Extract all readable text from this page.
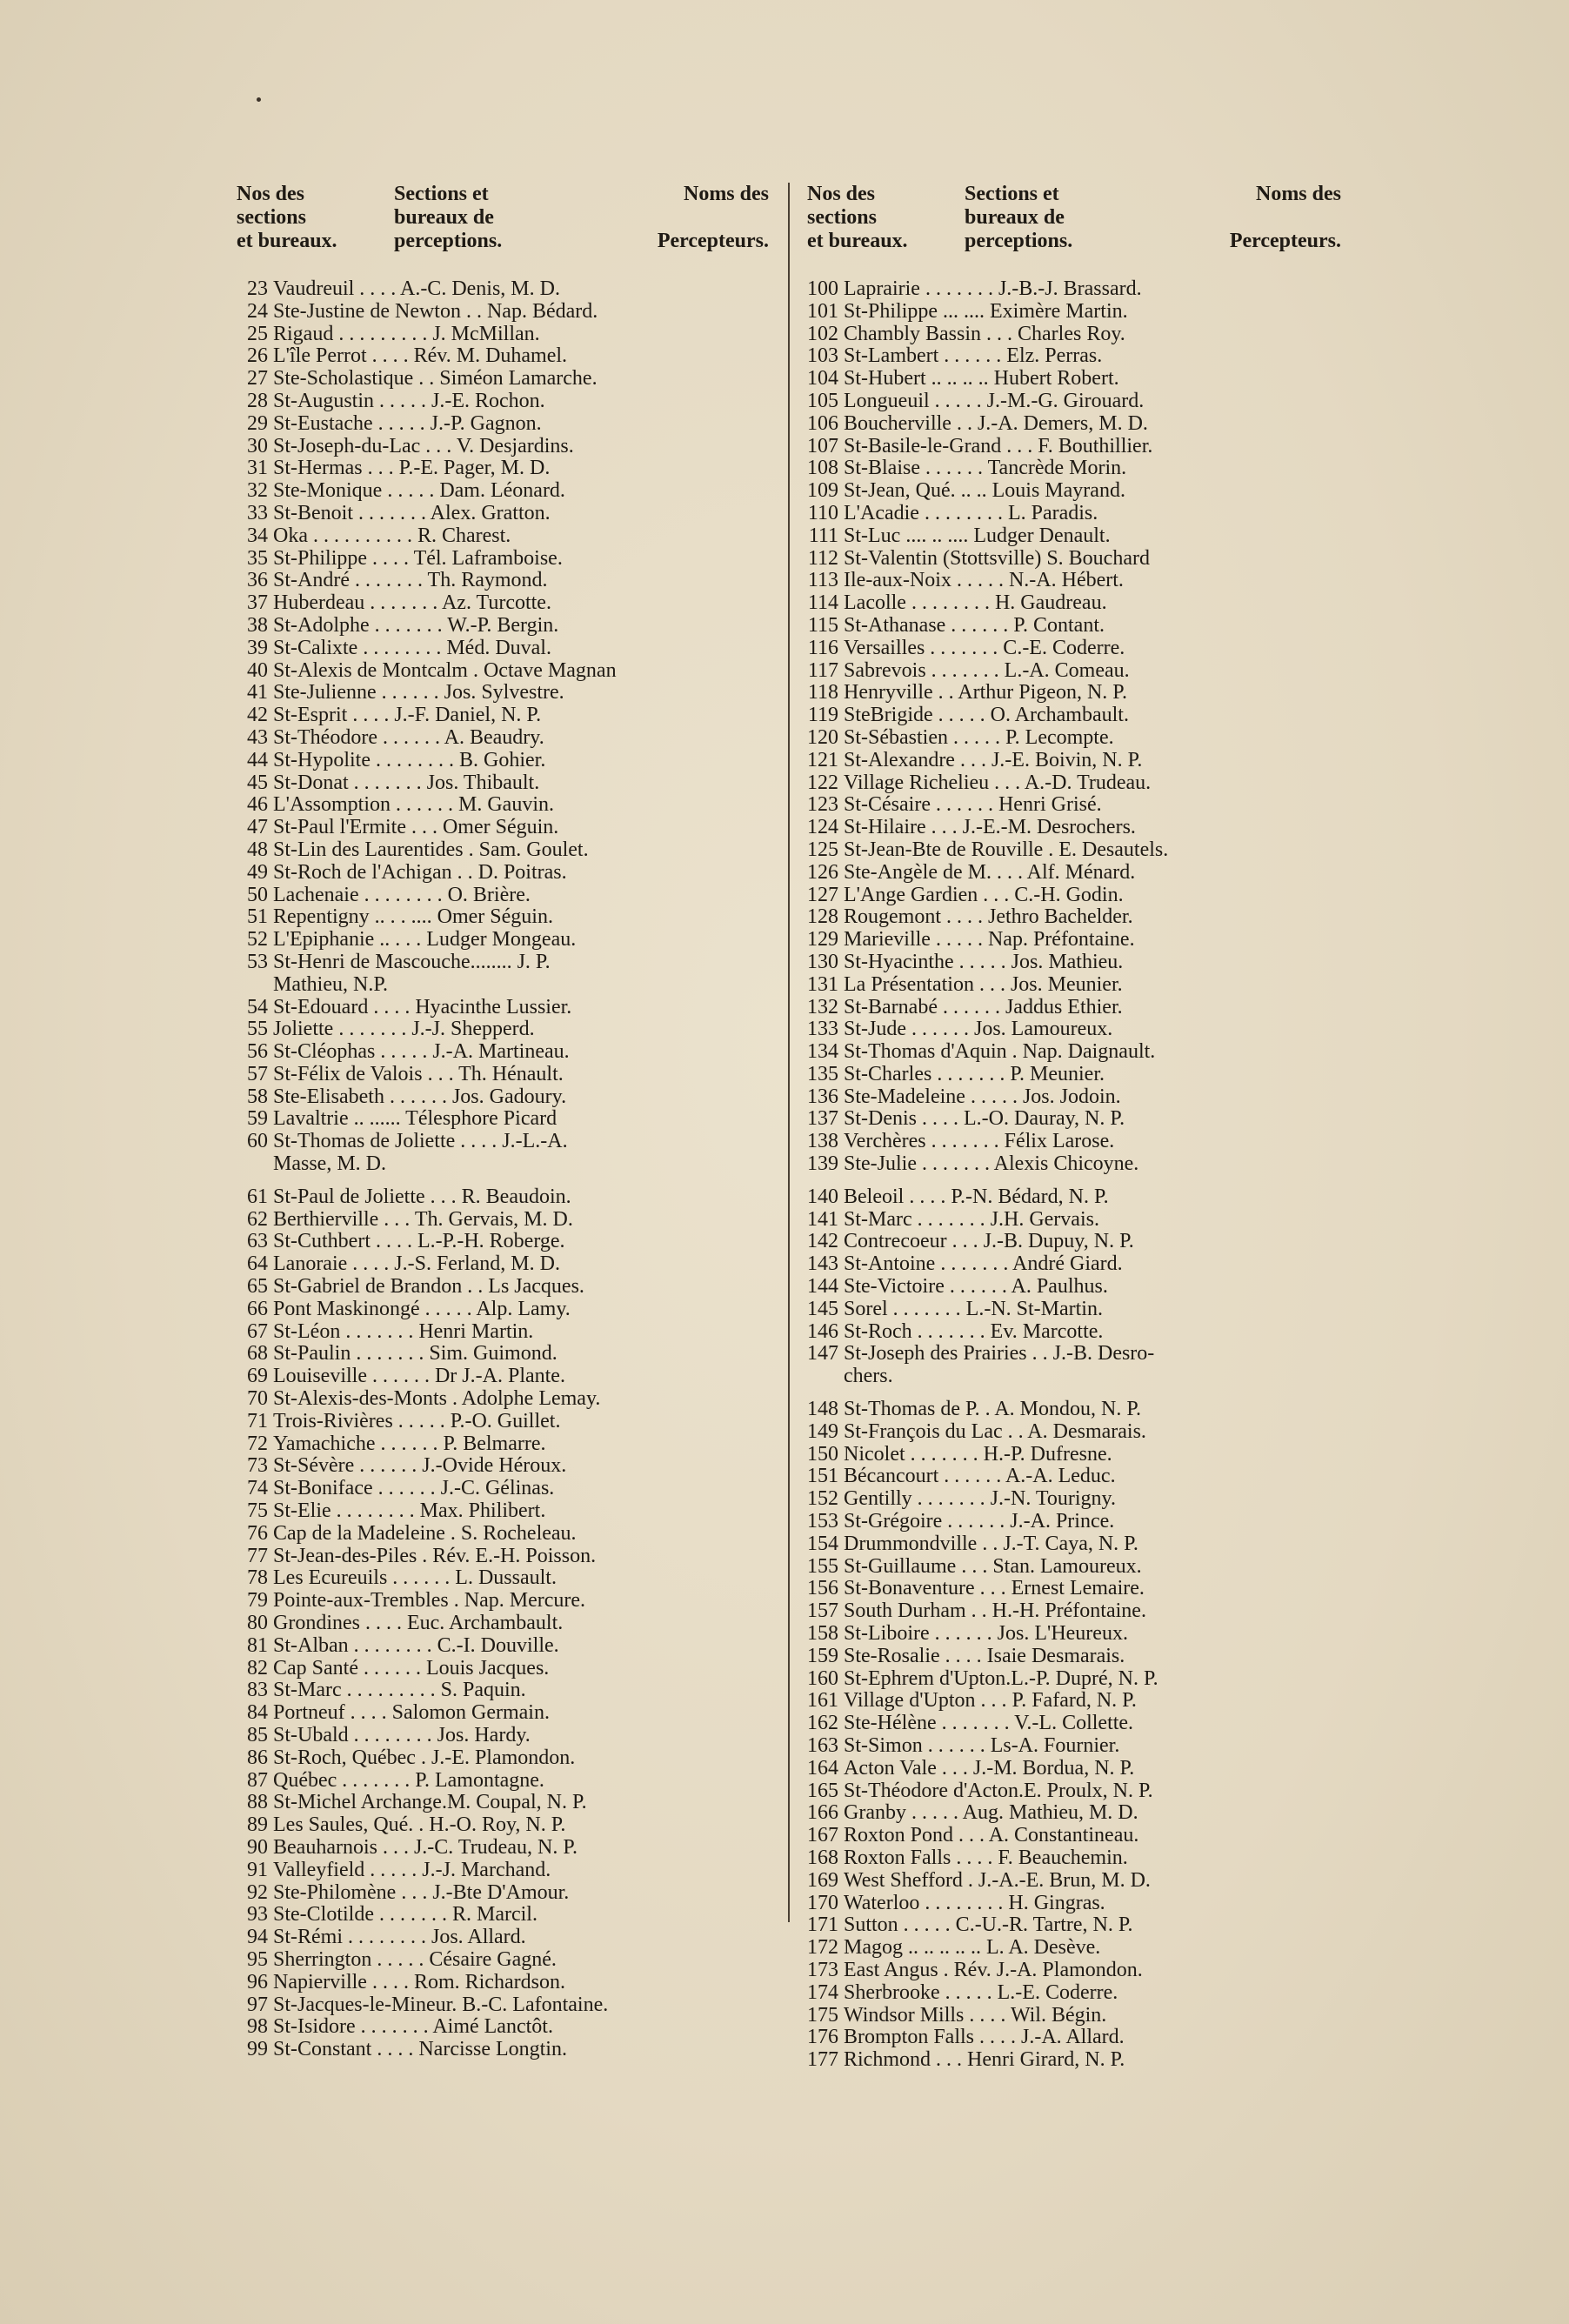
Nos des
sections
et bureaux.
Sections et
bureaux de
perceptions.
Noms des

Percepteurs.
23 Vaudreuil . . . . A.-C. Denis, M. D.
24 Ste-Justine de Newton . . Nap. Bédard.
25 Rigaud . . . . . . . . . J. McMillan.
26 L'île Perrot . . . . Rév. M. Duhamel.
27 Ste-Scholastique . . Siméon Lamarche.
28 St-Augustin . . . . . J.-E. Rochon.
29 St-Eustache . . . . . J.-P. Gagnon.
30 St-Joseph-du-Lac . . . V. Desjardins.
31 St-Hermas . . . P.-E. Pager, M. D.
32 Ste-Monique . . . . . Dam. Léonard.
33 St-Benoit . . . . . . . Alex. Gratton.
34 Oka . . . . . . . . . . R. Charest.
35 St-Philippe . . . . Tél. Laframboise.
36 St-André . . . . . . . Th. Raymond.
37 Huberdeau . . . . . . . Az. Turcotte.
38 St-Adolphe . . . . . . . W.-P. Bergin.
39 St-Calixte . . . . . . . . Méd. Duval.
40 St-Alexis de Montcalm . Octave Magnan
41 Ste-Julienne . . . . . . Jos. Sylvestre.
42 St-Esprit . . . . J.-F. Daniel, N. P.
43 St-Théodore . . . . . . A. Beaudry.
44 St-Hypolite . . . . . . . . B. Gohier.
45 St-Donat . . . . . . . Jos. Thibault.
46 L'Assomption . . . . . . M. Gauvin.
47 St-Paul l'Ermite . . . Omer Séguin.
48 St-Lin des Laurentides . Sam. Goulet.
49 St-Roch de l'Achigan . . D. Poitras.
50 Lachenaie . . . . . . . . O. Brière.
51 Repentigny .. . . .... Omer Séguin.
52 L'Epiphanie .. . . . Ludger Mongeau.
53 St-Henri de Mascouche........ J. P.
Mathieu, N.P.
54 St-Edouard . . . . Hyacinthe Lussier.
55 Joliette . . . . . . . J.-J. Shepperd.
56 St-Cléophas . . . . . J.-A. Martineau.
57 St-Félix de Valois . . . Th. Hénault.
58 Ste-Elisabeth . . . . . . Jos. Gadoury.
59 Lavaltrie .. ...... Télesphore Picard
60 St-Thomas de Joliette . . . . J.-L.-A.
Masse, M. D.
61 St-Paul de Joliette . . . R. Beaudoin.
62 Berthierville . . . Th. Gervais, M. D.
63 St-Cuthbert . . . . L.-P.-H. Roberge.
64 Lanoraie . . . . J.-S. Ferland, M. D.
65 St-Gabriel de Brandon . . Ls Jacques.
66 Pont Maskinongé . . . . . Alp. Lamy.
67 St-Léon . . . . . . . Henri Martin.
68 St-Paulin . . . . . . . Sim. Guimond.
69 Louiseville . . . . . . Dr J.-A. Plante.
70 St-Alexis-des-Monts . Adolphe Lemay.
71 Trois-Rivières . . . . . P.-O. Guillet.
72 Yamachiche . . . . . . P. Belmarre.
73 St-Sévère . . . . . . J.-Ovide Héroux.
74 St-Boniface . . . . . . J.-C. Gélinas.
75 St-Elie . . . . . . . . Max. Philibert.
76 Cap de la Madeleine . S. Rocheleau.
77 St-Jean-des-Piles . Rév. E.-H. Poisson.
78 Les Ecureuils . . . . . . L. Dussault.
79 Pointe-aux-Trembles . Nap. Mercure.
80 Grondines . . . . Euc. Archambault.
81 St-Alban . . . . . . . . C.-I. Douville.
82 Cap Santé . . . . . . Louis Jacques.
83 St-Marc . . . . . . . . . S. Paquin.
84 Portneuf . . . . Salomon Germain.
85 St-Ubald . . . . . . . . Jos. Hardy.
86 St-Roch, Québec . J.-E. Plamondon.
87 Québec . . . . . . . P. Lamontagne.
88 St-Michel Archange.M. Coupal, N. P.
89 Les Saules, Qué. . H.-O. Roy, N. P.
90 Beauharnois . . . J.-C. Trudeau, N. P.
91 Valleyfield . . . . . J.-J. Marchand.
92 Ste-Philomène . . . J.-Bte D'Amour.
93 Ste-Clotilde . . . . . . . R. Marcil.
94 St-Rémi . . . . . . . . Jos. Allard.
95 Sherrington . . . . . Césaire Gagné.
96 Napierville . . . . Rom. Richardson.
97 St-Jacques-le-Mineur. B.-C. Lafontaine.
98 St-Isidore . . . . . . . Aimé Lanctôt.
99 St-Constant . . . . Narcisse Longtin.
Nos des
sections
et bureaux.
Sections et
bureaux de
perceptions.
Noms des

Percepteurs.
100 Laprairie . . . . . . . J.-B.-J. Brassard.
101 St-Philippe ... .... Eximère Martin.
102 Chambly Bassin . . . Charles Roy.
103 St-Lambert . . . . . . Elz. Perras.
104 St-Hubert .. .. .. .. Hubert Robert.
105 Longueuil . . . . . J.-M.-G. Girouard.
106 Boucherville . . J.-A. Demers, M. D.
107 St-Basile-le-Grand . . . F. Bouthillier.
108 St-Blaise . . . . . . Tancrède Morin.
109 St-Jean, Qué. .. .. Louis Mayrand.
110 L'Acadie . . . . . . . . L. Paradis.
111 St-Luc .... .. .... Ludger Denault.
112 St-Valentin (Stottsville) S. Bouchard
113 Ile-aux-Noix . . . . . N.-A. Hébert.
114 Lacolle . . . . . . . . H. Gaudreau.
115 St-Athanase . . . . . . P. Contant.
116 Versailles . . . . . . . C.-E. Coderre.
117 Sabrevois . . . . . . . L.-A. Comeau.
118 Henryville . . Arthur Pigeon, N. P.
119 SteBrigide . . . . . O. Archambault.
120 St-Sébastien . . . . . P. Lecompte.
121 St-Alexandre . . . J.-E. Boivin, N. P.
122 Village Richelieu . . . A.-D. Trudeau.
123 St-Césaire . . . . . . Henri Grisé.
124 St-Hilaire . . . J.-E.-M. Desrochers.
125 St-Jean-Bte de Rouville . E. Desautels.
126 Ste-Angèle de M. . . . Alf. Ménard.
127 L'Ange Gardien . . . C.-H. Godin.
128 Rougemont . . . . Jethro Bachelder.
129 Marieville . . . . . Nap. Préfontaine.
130 St-Hyacinthe . . . . . Jos. Mathieu.
131 La Présentation . . . Jos. Meunier.
132 St-Barnabé . . . . . . Jaddus Ethier.
133 St-Jude . . . . . . Jos. Lamoureux.
134 St-Thomas d'Aquin . Nap. Daignault.
135 St-Charles . . . . . . . P. Meunier.
136 Ste-Madeleine . . . . . Jos. Jodoin.
137 St-Denis . . . . L.-O. Dauray, N. P.
138 Verchères . . . . . . . Félix Larose.
139 Ste-Julie . . . . . . . Alexis Chicoyne.
140 Beleoil . . . . P.-N. Bédard, N. P.
141 St-Marc . . . . . . . J.H. Gervais.
142 Contrecoeur . . . J.-B. Dupuy, N. P.
143 St-Antoine . . . . . . . André Giard.
144 Ste-Victoire . . . . . . A. Paulhus.
145 Sorel . . . . . . . L.-N. St-Martin.
146 St-Roch . . . . . . . Ev. Marcotte.
147 St-Joseph des Prairies . . J.-B. Desro-
chers.
148 St-Thomas de P. . A. Mondou, N. P.
149 St-François du Lac . . A. Desmarais.
150 Nicolet . . . . . . . H.-P. Dufresne.
151 Bécancourt . . . . . . A.-A. Leduc.
152 Gentilly . . . . . . . J.-N. Tourigny.
153 St-Grégoire . . . . . . J.-A. Prince.
154 Drummondville . . J.-T. Caya, N. P.
155 St-Guillaume . . . Stan. Lamoureux.
156 St-Bonaventure . . . Ernest Lemaire.
157 South Durham . . H.-H. Préfontaine.
158 St-Liboire . . . . . . Jos. L'Heureux.
159 Ste-Rosalie . . . . Isaie Desmarais.
160 St-Ephrem d'Upton.L.-P. Dupré, N. P.
161 Village d'Upton . . . P. Fafard, N. P.
162 Ste-Hélène . . . . . . . V.-L. Collette.
163 St-Simon . . . . . . Ls-A. Fournier.
164 Acton Vale . . . J.-M. Bordua, N. P.
165 St-Théodore d'Acton.E. Proulx, N. P.
166 Granby . . . . . Aug. Mathieu, M. D.
167 Roxton Pond . . . A. Constantineau.
168 Roxton Falls . . . . F. Beauchemin.
169 West Shefford . J.-A.-E. Brun, M. D.
170 Waterloo . . . . . . . . H. Gingras.
171 Sutton . . . . . C.-U.-R. Tartre, N. P.
172 Magog .. .. .. .. .. L. A. Desève.
173 East Angus . Rév. J.-A. Plamondon.
174 Sherbrooke . . . . . L.-E. Coderre.
175 Windsor Mills . . . . Wil. Bégin.
176 Brompton Falls . . . . J.-A. Allard.
177 Richmond . . . Henri Girard, N. P.
